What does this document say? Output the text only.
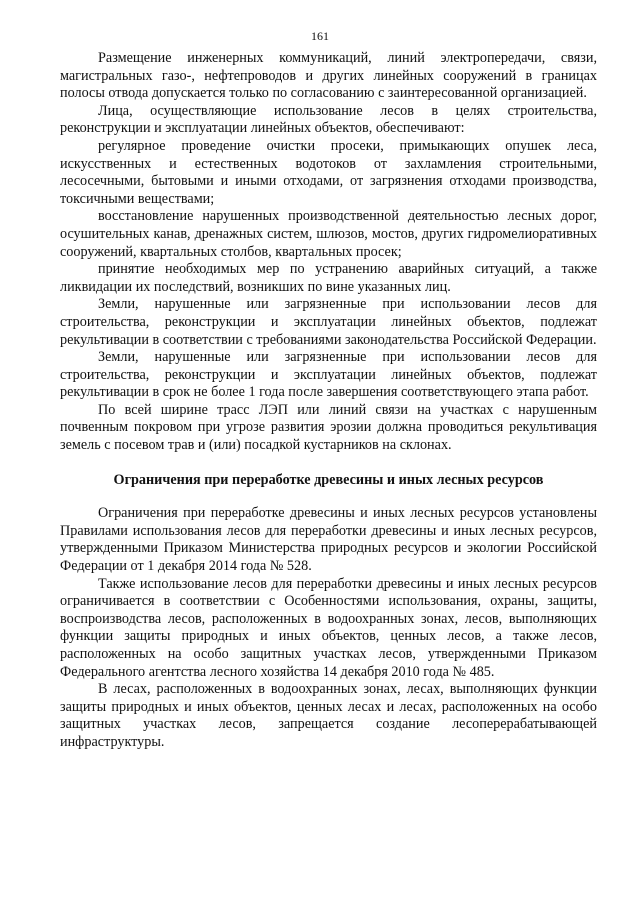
161

Размещение инженерных коммуникаций, линий электропередачи, связи, магистральных газо-, нефтепроводов и других линейных сооружений в границах полосы отвода допускается только по согласованию с заинтересованной организацией.

Лица, осуществляющие использование лесов в целях строительства, реконструкции и эксплуатации линейных объектов, обеспечивают:

регулярное проведение очистки просеки, примыкающих опушек леса, искусственных и естественных водотоков от захламления строительными, лесосечными, бытовыми и иными отходами, от загрязнения отходами производства, токсичными веществами;

восстановление нарушенных производственной деятельностью лесных дорог, осушительных канав, дренажных систем, шлюзов, мостов, других гидромелиоративных сооружений, квартальных столбов, квартальных просек;

принятие необходимых мер по устранению аварийных ситуаций, а также ликвидации их последствий, возникших по вине указанных лиц.

Земли, нарушенные или загрязненные при использовании лесов для строительства, реконструкции и эксплуатации линейных объектов, подлежат рекультивации в соответствии с требованиями законодательства Российской Федерации.

Земли, нарушенные или загрязненные при использовании лесов для строительства, реконструкции и эксплуатации линейных объектов, подлежат рекультивации в срок не более 1 года после завершения соответствующего этапа работ.

По всей ширине трасс ЛЭП или линий связи на участках с нарушенным почвенным покровом при угрозе развития эрозии должна проводиться рекультивация земель с посевом трав и (или) посадкой кустарников на склонах.

Ограничения при переработке древесины и иных лесных ресурсов

Ограничения при переработке древесины и иных лесных ресурсов установлены Правилами использования лесов для переработки древесины и иных лесных ресурсов, утвержденными Приказом Министерства природных ресурсов и экологии Российской Федерации от 1 декабря 2014 года № 528.

Также использование лесов для переработки древесины и иных лесных ресурсов ограничивается в соответствии с Особенностями использования, охраны, защиты, воспроизводства лесов, расположенных в водоохранных зонах, лесов, выполняющих функции защиты природных и иных объектов, ценных лесов, а также лесов, расположенных на особо защитных участках лесов, утвержденными Приказом Федерального агентства лесного хозяйства 14 декабря 2010 года № 485.

В лесах, расположенных в водоохранных зонах, лесах, выполняющих функции защиты природных и иных объектов, ценных лесах и лесах, расположенных на особо защитных участках лесов, запрещается создание лесоперерабатывающей инфраструктуры.
